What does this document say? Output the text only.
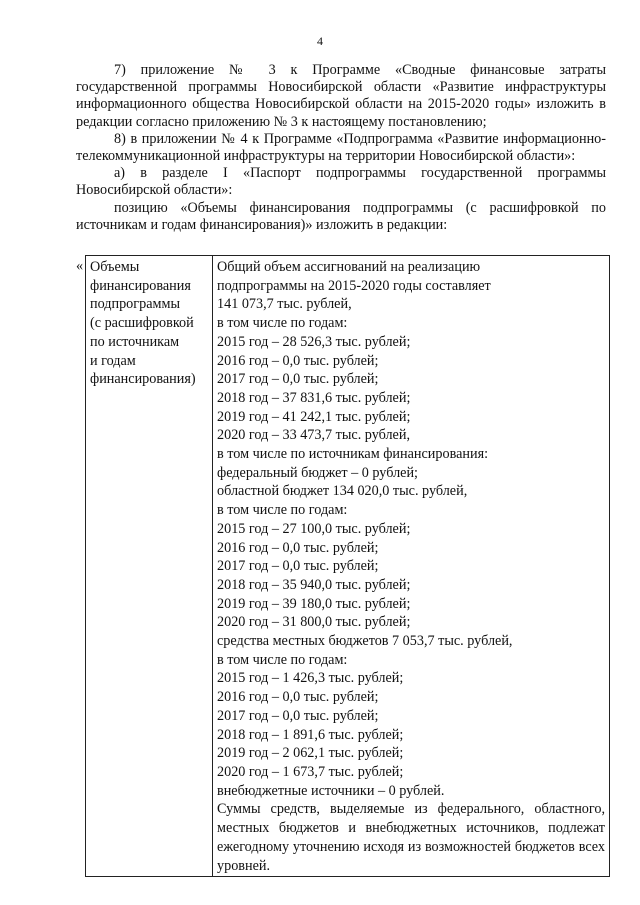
4

7) приложение № 3 к Программе «Сводные финансовые затраты государственной программы Новосибирской области «Развитие инфраструктуры информационного общества Новосибирской области на 2015-2020 годы» изложить в редакции согласно приложению № 3 к настоящему постановлению;

8) в приложении № 4 к Программе «Подпрограмма «Развитие информационно-телекоммуникационной инфраструктуры на территории Новосибирской области»:

а) в разделе I «Паспорт подпрограммы государственной программы Новосибирской области»:

позицию «Объемы финансирования подпрограммы (с расшифровкой по источникам и годам финансирования)» изложить в редакции:

« Объемы
финансирования
подпрограммы
(с расшифровкой
по источникам
и годам
финансирования)

Общий объем ассигнований на реализацию
подпрограммы на 2015-2020 годы составляет
141 073,7 тыс. рублей,
в том числе по годам:
2015 год – 28 526,3 тыс. рублей;
2016 год – 0,0 тыс. рублей;
2017 год – 0,0 тыс. рублей;
2018 год – 37 831,6 тыс. рублей;
2019 год – 41 242,1 тыс. рублей;
2020 год – 33 473,7 тыс. рублей,
в том числе по источникам финансирования:
федеральный бюджет – 0 рублей;
областной бюджет 134 020,0 тыс. рублей,
в том числе по годам:
2015 год – 27 100,0 тыс. рублей;
2016 год – 0,0 тыс. рублей;
2017 год – 0,0 тыс. рублей;
2018 год – 35 940,0 тыс. рублей;
2019 год – 39 180,0 тыс. рублей;
2020 год – 31 800,0 тыс. рублей;
средства местных бюджетов 7 053,7 тыс. рублей,
в том числе по годам:
2015 год – 1 426,3 тыс. рублей;
2016 год – 0,0 тыс. рублей;
2017 год – 0,0 тыс. рублей;
2018 год – 1 891,6 тыс. рублей;
2019 год – 2 062,1 тыс. рублей;
2020 год – 1 673,7 тыс. рублей;
внебюджетные источники – 0 рублей.
Суммы средств, выделяемые из федерального, областного, местных бюджетов и внебюджетных источников, подлежат ежегодному уточнению исходя из возможностей бюджетов всех уровней.
